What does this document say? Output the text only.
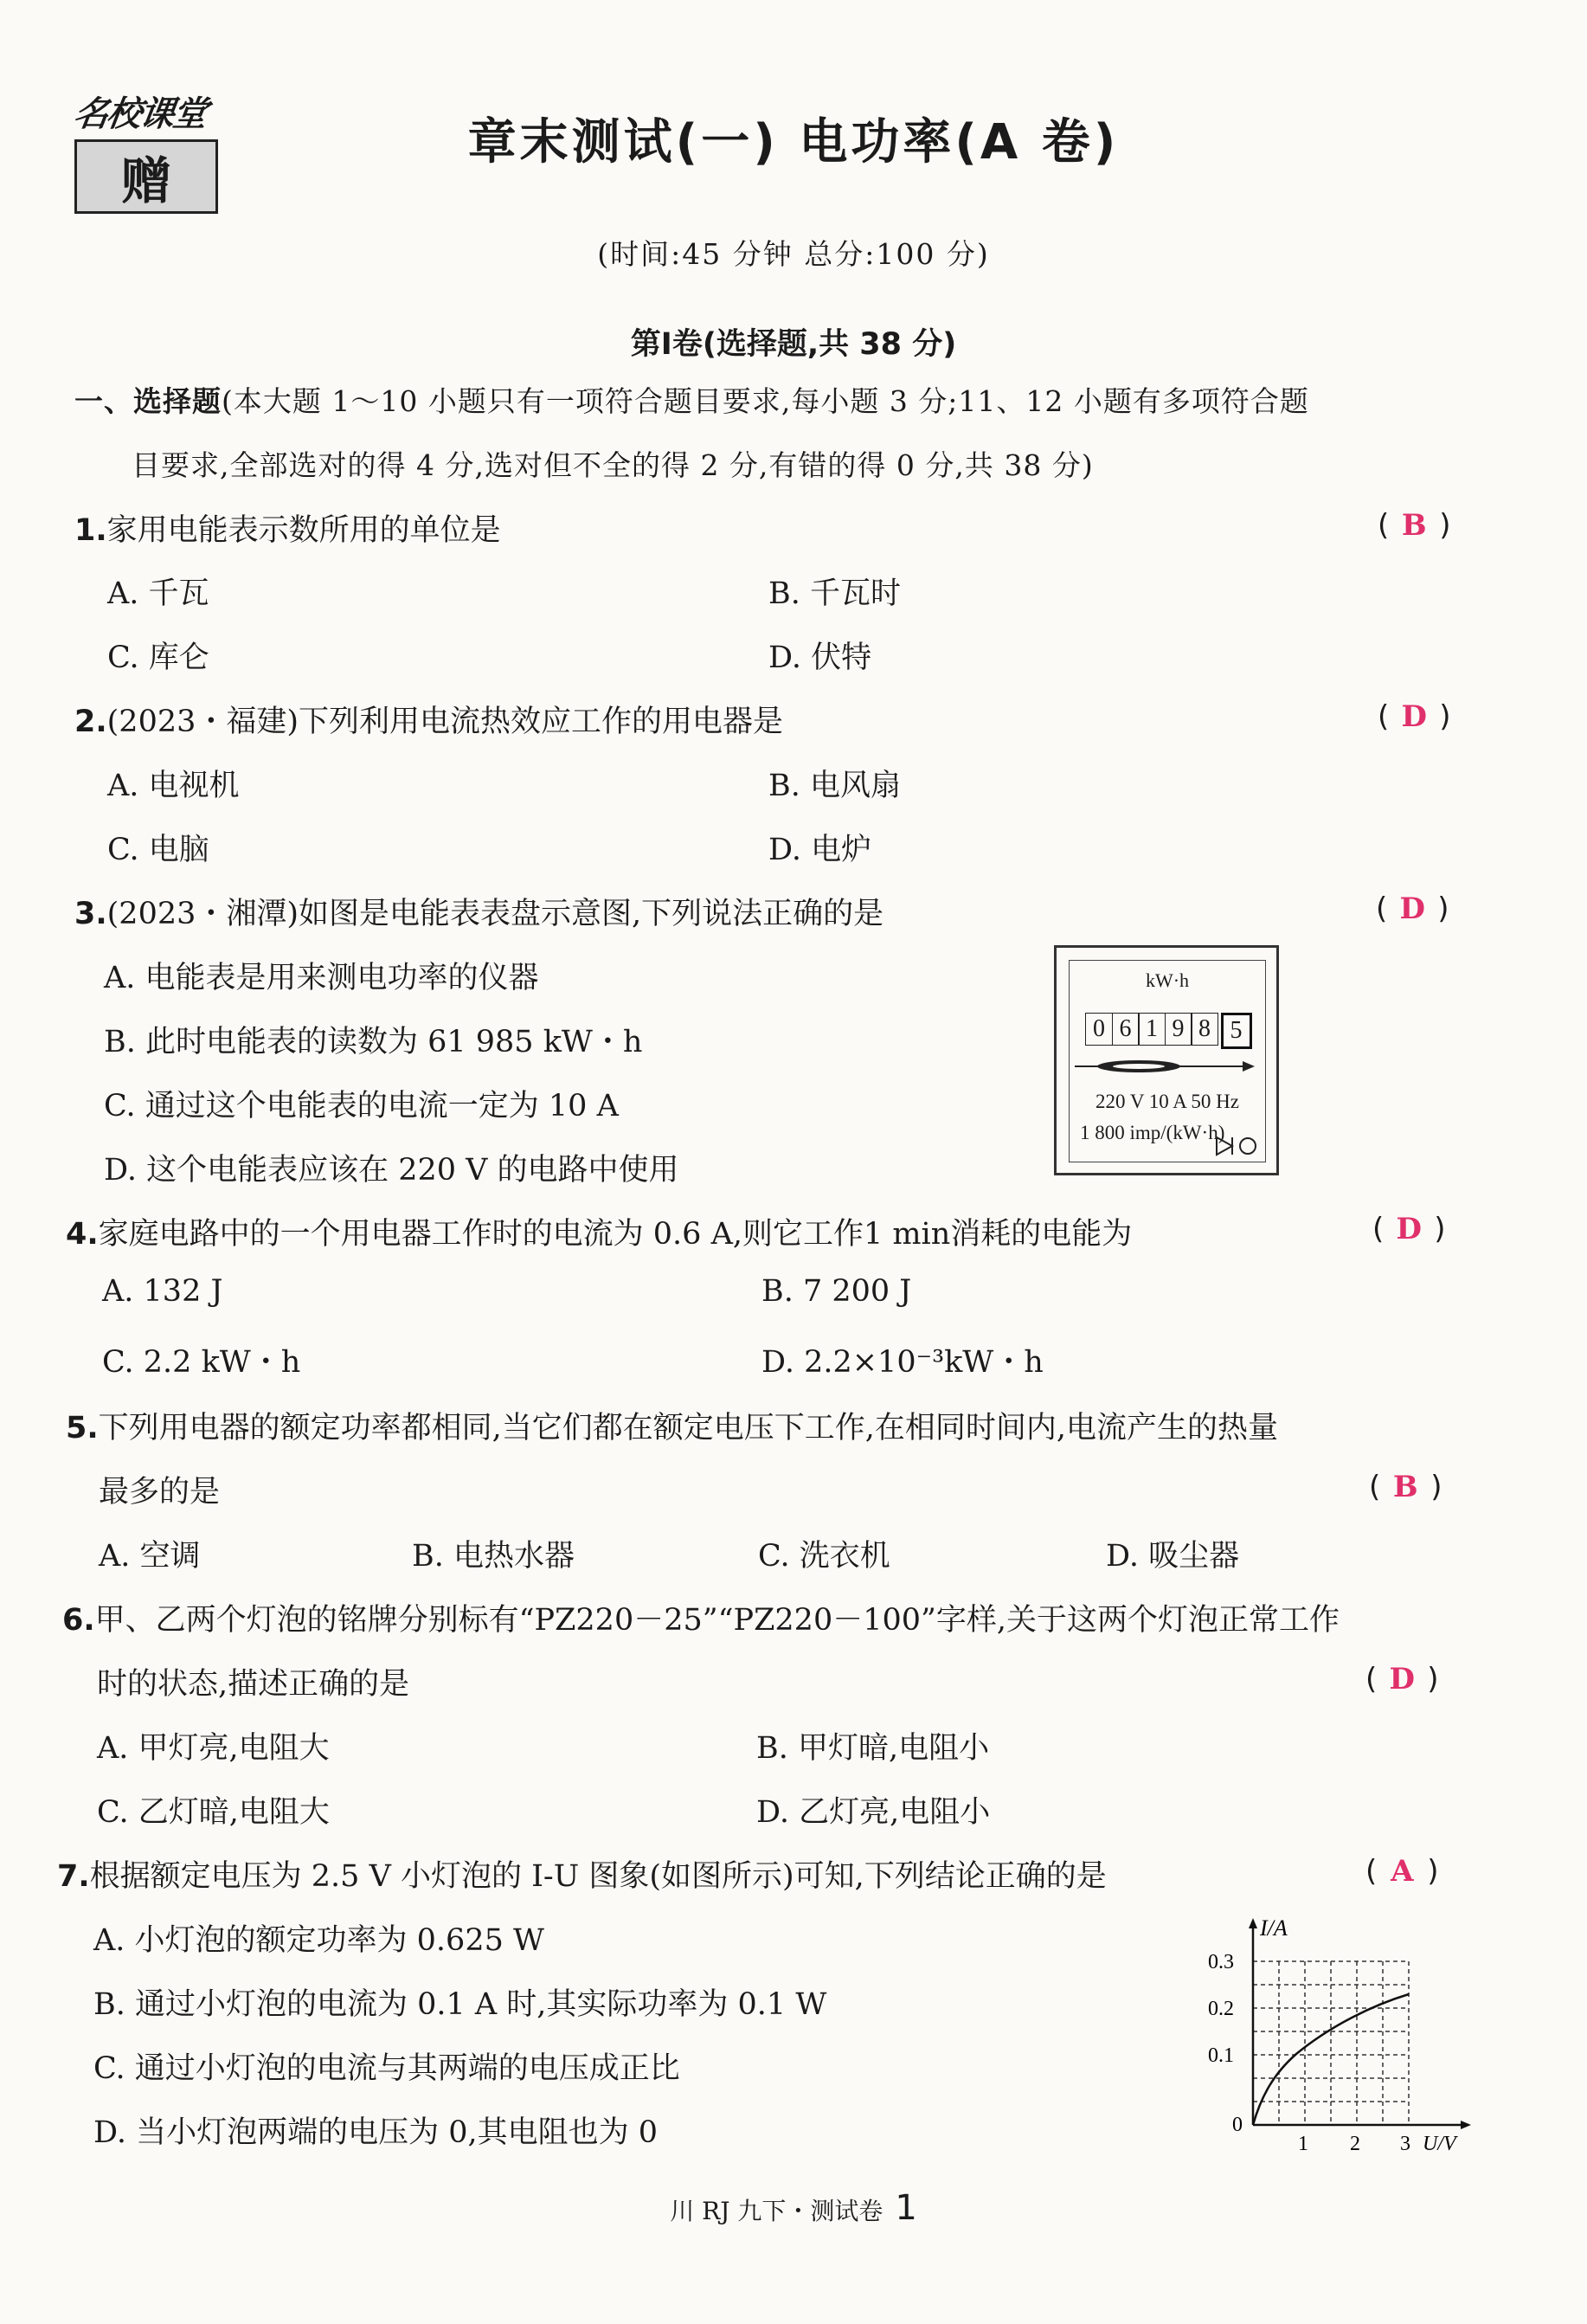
名校课堂
赠
章末测试(一) 电功率(A 卷)
(时间:45 分钟 总分:100 分)
第Ⅰ卷(选择题,共 38 分)
一、选择题(本大题 1～10 小题只有一项符合题目要求,每小题 3 分;11、12 小题有多项符合题
目要求,全部选对的得 4 分,选对但不全的得 2 分,有错的得 0 分,共 38 分)
1.家用电能表示数所用的单位是	( B )
A. 千瓦	B. 千瓦时
C. 库仑	D. 伏特
2.(2023・福建)下列利用电流热效应工作的用电器是	( D )
A. 电视机	B. 电风扇
C. 电脑	D. 电炉
3.(2023・湘潭)如图是电能表表盘示意图,下列说法正确的是	( D )
A. 电能表是用来测电功率的仪器
B. 此时电能表的读数为 61 985 kW・h
C. 通过这个电能表的电流一定为 10 A
D. 这个电能表应该在 220 V 的电路中使用
kW·h
0 6 1 9 8 5
220 V 10 A 50 Hz
1 800 imp/(kW·h)
4.家庭电路中的一个用电器工作时的电流为 0.6 A,则它工作1 min消耗的电能为	( D )
A. 132 J	B. 7 200 J
C. 2.2 kW・h	D. 2.2×10⁻³kW・h
5.下列用电器的额定功率都相同,当它们都在额定电压下工作,在相同时间内,电流产生的热量
最多的是	( B )
A. 空调	B. 电热水器	C. 洗衣机	D. 吸尘器
6.甲、乙两个灯泡的铭牌分别标有“PZ220－25”“PZ220－100”字样,关于这两个灯泡正常工作
时的状态,描述正确的是	( D )
A. 甲灯亮,电阻大	B. 甲灯暗,电阻小
C. 乙灯暗,电阻大	D. 乙灯亮,电阻小
7.根据额定电压为 2.5 V 小灯泡的 I-U 图象(如图所示)可知,下列结论正确的是	( A )
A. 小灯泡的额定功率为 0.625 W
B. 通过小灯泡的电流为 0.1 A 时,其实际功率为 0.1 W
C. 通过小灯泡的电流与其两端的电压成正比
D. 当小灯泡两端的电压为 0,其电阻也为 0
I/A
0.3
0.2
0.1
0
1 2 3 U/V
川 RJ 九下・测试卷 1
